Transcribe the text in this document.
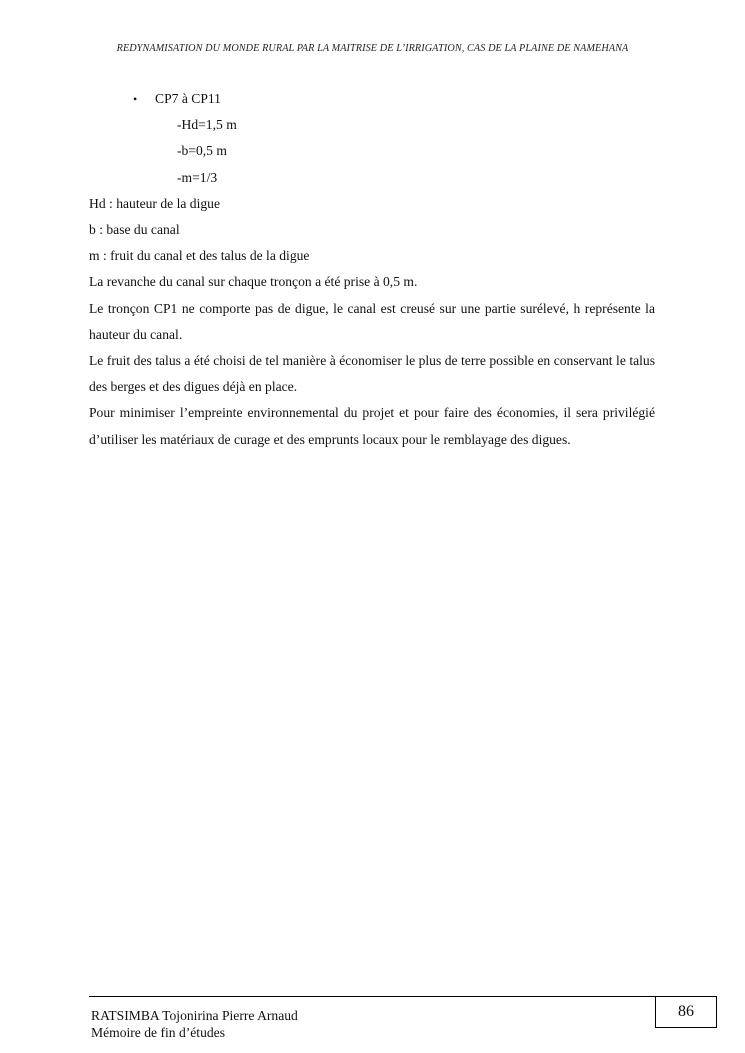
REDYNAMISATION DU MONDE RURAL PAR LA MAITRISE DE L’IRRIGATION, CAS DE LA PLAINE DE NAMEHANA
• CP7 à CP11
-Hd=1,5 m
-b=0,5 m
-m=1/3
Hd : hauteur de la digue
b : base du canal
m : fruit du canal et des talus de la digue
La revanche du canal sur chaque tronçon a été prise à 0,5 m.
Le tronçon CP1 ne comporte pas de digue, le canal est creusé sur une partie surélevé, h représente la hauteur du canal.
Le fruit des talus a été choisi de tel manière à économiser le plus de terre possible en conservant le talus des berges et des digues déjà en place.
Pour minimiser l’empreinte environnemental du projet et pour faire des économies, il sera privilégié d’utiliser les matériaux de curage et des emprunts locaux pour le remblayage des digues.
86
RATSIMBA Tojonirina Pierre Arnaud
Mémoire de fin d’études
